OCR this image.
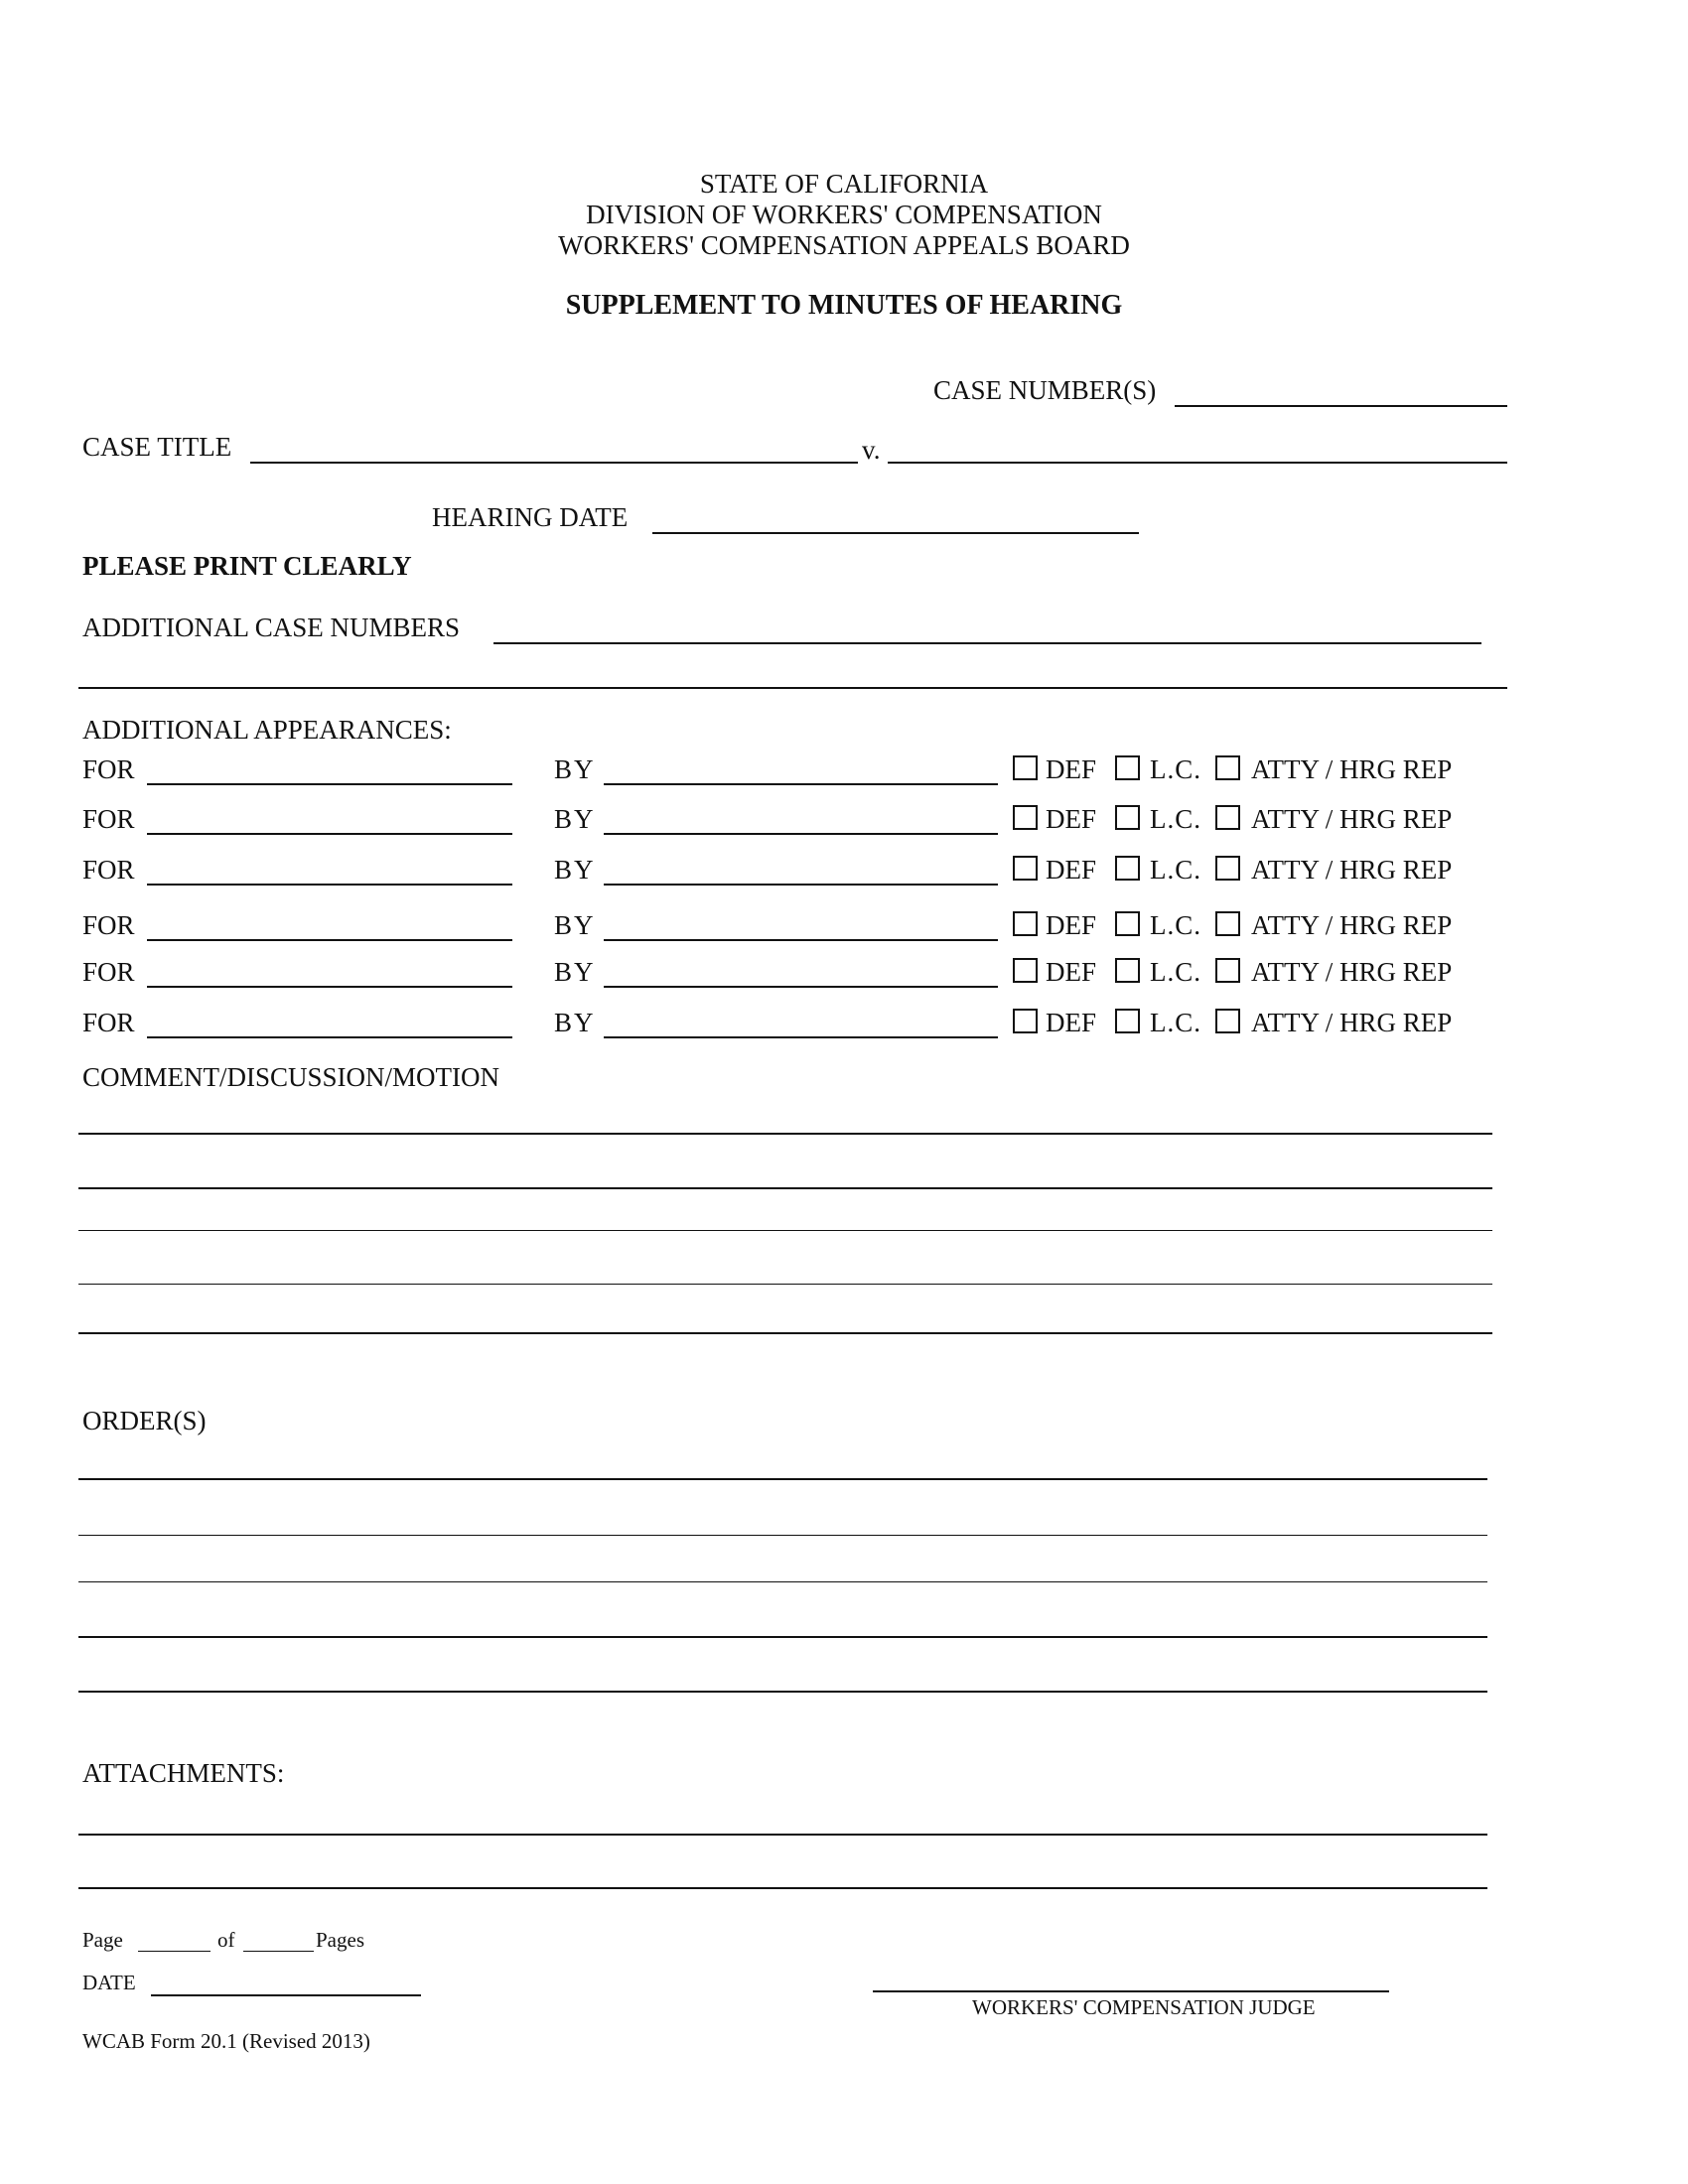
STATE OF CALIFORNIA
DIVISION OF WORKERS' COMPENSATION
WORKERS' COMPENSATION APPEALS BOARD
SUPPLEMENT TO MINUTES OF HEARING
CASE NUMBER(S)
CASE TITLE	v.
HEARING DATE
PLEASE PRINT CLEARLY
ADDITIONAL CASE NUMBERS
ADDITIONAL APPEARANCES:
FOR	BY	DEF L.C. ATTY / HRG REP
FOR	BY	DEF L.C. ATTY / HRG REP
FOR	BY	DEF L.C. ATTY / HRG REP
FOR	BY	DEF L.C. ATTY / HRG REP
FOR	BY	DEF L.C. ATTY / HRG REP
FOR	BY	DEF L.C. ATTY / HRG REP
COMMENT/DISCUSSION/MOTION
ORDER(S)
ATTACHMENTS:
Page	of	Pages
DATE
WORKERS' COMPENSATION JUDGE
WCAB Form 20.1 (Revised 2013)
